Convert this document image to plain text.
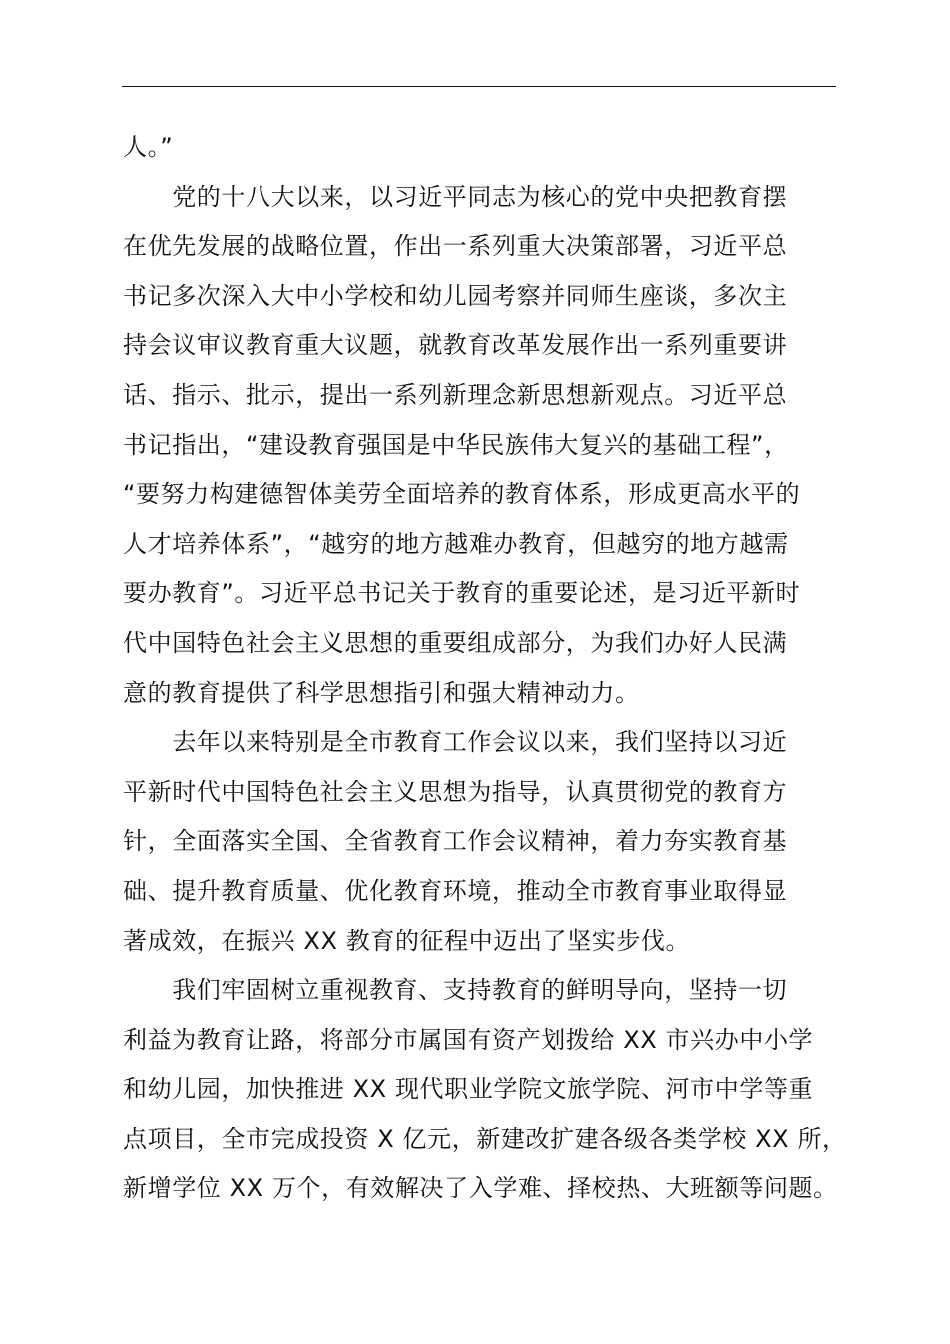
人。”
　　党的十八大以来，以习近平同志为核心的党中央把教育摆
在优先发展的战略位置，作出一系列重大决策部署，习近平总
书记多次深入大中小学校和幼儿园考察并同师生座谈，多次主
持会议审议教育重大议题，就教育改革发展作出一系列重要讲
话、指示、批示，提出一系列新理念新思想新观点。习近平总
书记指出，“建设教育强国是中华民族伟大复兴的基础工程”，
“要努力构建德智体美劳全面培养的教育体系，形成更高水平的
人才培养体系”，“越穷的地方越难办教育，但越穷的地方越需
要办教育”。习近平总书记关于教育的重要论述，是习近平新时
代中国特色社会主义思想的重要组成部分，为我们办好人民满
意的教育提供了科学思想指引和强大精神动力。
　　去年以来特别是全市教育工作会议以来，我们坚持以习近
平新时代中国特色社会主义思想为指导，认真贯彻党的教育方
针，全面落实全国、全省教育工作会议精神，着力夯实教育基
础、提升教育质量、优化教育环境，推动全市教育事业取得显
著成效，在振兴 XX 教育的征程中迈出了坚实步伐。
　　我们牢固树立重视教育、支持教育的鲜明导向，坚持一切
利益为教育让路，将部分市属国有资产划拨给 XX 市兴办中小学
和幼儿园，加快推进 XX 现代职业学院文旅学院、河市中学等重
点项目，全市完成投资 X 亿元，新建改扩建各级各类学校 XX 所，
新增学位 XX 万个，有效解决了入学难、择校热、大班额等问题。
